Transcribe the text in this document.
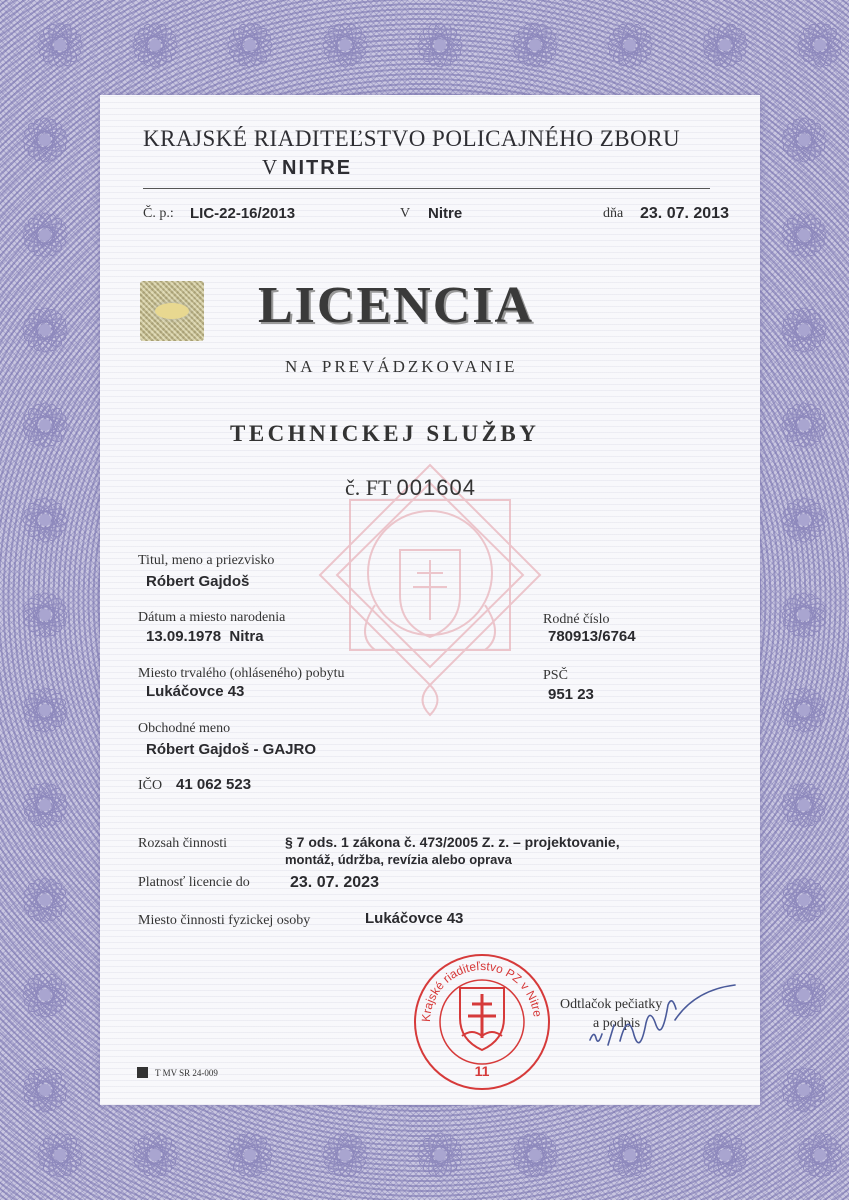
KRAJSKÉ RIADITEĽSTVO POLICAJNÉHO ZBORU
V NITRE
Č. p.: LIC-22-16/2013	V Nitre	dňa 23. 07. 2013
LICENCIA
NA PREVÁDZKOVANIE
TECHNICKEJ SLUŽBY
č. FT 001604
Titul, meno a priezvisko
Róbert Gajdoš
Dátum a miesto narodenia
13.09.1978  Nitra
Rodné číslo
780913/6764
Miesto trvalého (ohláseného) pobytu
Lukáčovce 43
PSČ
951 23
Obchodné meno
Róbert Gajdoš - GAJRO
IČO 41 062 523
Rozsah činnosti	§ 7 ods. 1 zákona č. 473/2005 Z. z. – projektovanie,
montáž, údržba, revízia alebo oprava
Platnosť licencie do	23. 07. 2023
Miesto činnosti fyzickej osoby	Lukáčovce 43
Krajské riaditeľstvo PZ v Nitre
11
Odtlačok pečiatky
a podpis
T MV SR 24-009
